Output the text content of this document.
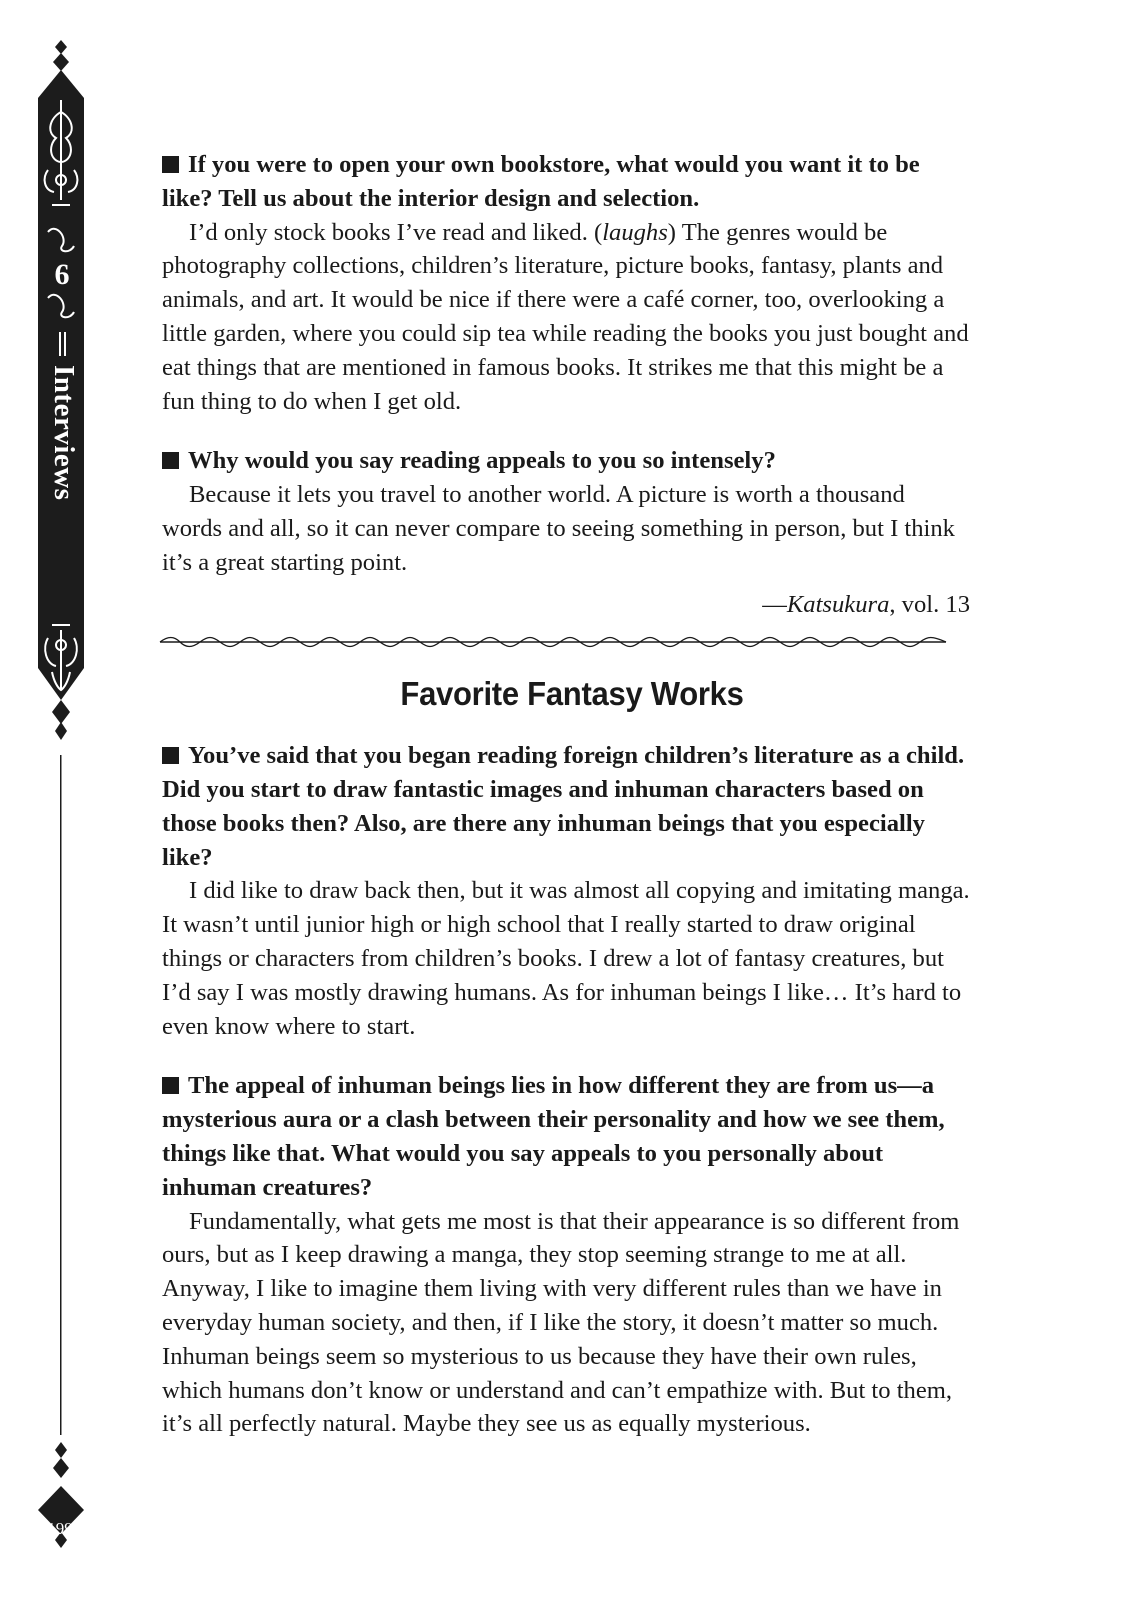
6
Interviews
199

If you were to open your own bookstore, what would you want it to be like? Tell us about the interior design and selection.

I’d only stock books I’ve read and liked. (laughs) The genres would be photography collections, children’s literature, picture books, fantasy, plants and animals, and art. It would be nice if there were a café corner, too, overlooking a little garden, where you could sip tea while reading the books you just bought and eat things that are mentioned in famous books. It strikes me that this might be a fun thing to do when I get old.

Why would you say reading appeals to you so intensely?

Because it lets you travel to another world. A picture is worth a thousand words and all, so it can never compare to seeing something in person, but I think it’s a great starting point.

—Katsukura, vol. 13

Favorite Fantasy Works

You’ve said that you began reading foreign children’s literature as a child. Did you start to draw fantastic images and inhuman characters based on those books then? Also, are there any inhuman beings that you especially like?

I did like to draw back then, but it was almost all copying and imitating manga. It wasn’t until junior high or high school that I really started to draw original things or characters from children’s books. I drew a lot of fantasy creatures, but I’d say I was mostly drawing humans. As for inhuman beings I like… It’s hard to even know where to start.

The appeal of inhuman beings lies in how different they are from us—a mysterious aura or a clash between their personality and how we see them, things like that. What would you say appeals to you personally about inhuman creatures?

Fundamentally, what gets me most is that their appearance is so different from ours, but as I keep drawing a manga, they stop seeming strange to me at all. Anyway, I like to imagine them living with very different rules than we have in everyday human society, and then, if I like the story, it doesn’t matter so much. Inhuman beings seem so mysterious to us because they have their own rules, which humans don’t know or understand and can’t empathize with. But to them, it’s all perfectly natural. Maybe they see us as equally mysterious.
